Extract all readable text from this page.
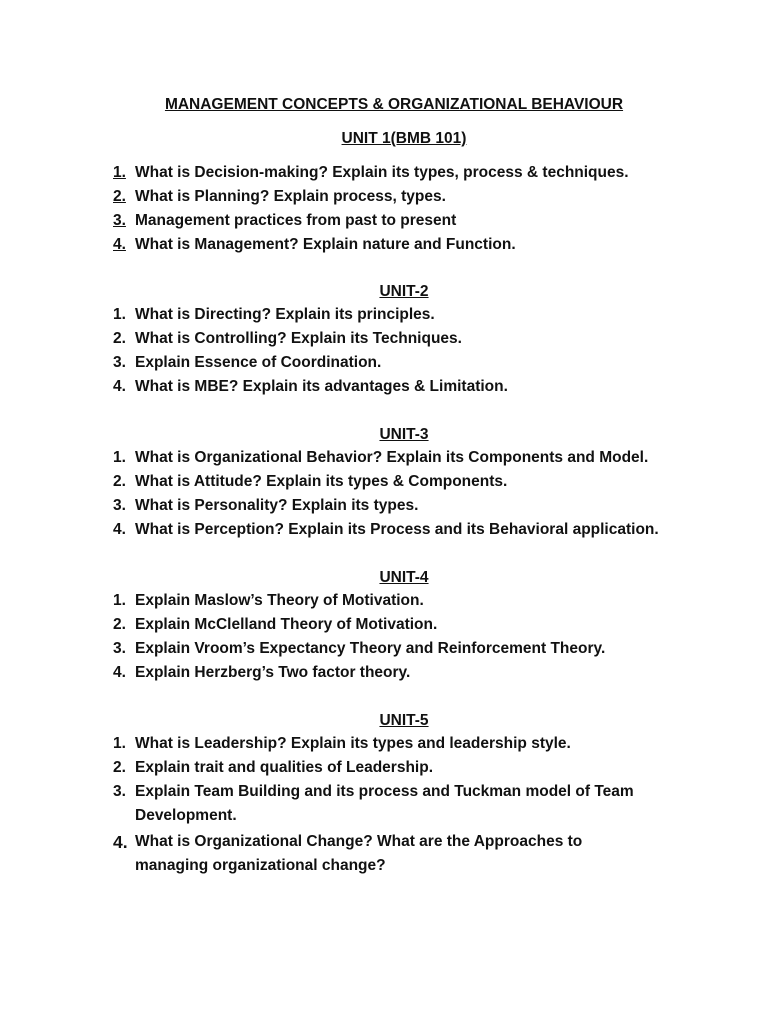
MANAGEMENT CONCEPTS & ORGANIZATIONAL BEHAVIOUR
UNIT 1(BMB 101)
1. What is Decision-making? Explain its types, process & techniques.
2. What is Planning? Explain process, types.
3. Management practices from past to present
4. What is Management? Explain nature and Function.
UNIT-2
1. What is Directing? Explain its principles.
2. What is Controlling? Explain its Techniques.
3. Explain Essence of Coordination.
4. What is MBE? Explain its advantages & Limitation.
UNIT-3
1. What is Organizational Behavior? Explain its Components and Model.
2. What is Attitude? Explain its types & Components.
3. What is Personality? Explain its types.
4. What is Perception? Explain its Process and its Behavioral application.
UNIT-4
1. Explain Maslow’s Theory of Motivation.
2. Explain McClelland Theory of Motivation.
3. Explain Vroom’s Expectancy Theory and Reinforcement Theory.
4. Explain Herzberg’s Two factor theory.
UNIT-5
1. What is Leadership? Explain its types and leadership style.
2. Explain trait and qualities of Leadership.
3. Explain Team Building and its process and Tuckman model of Team Development.
4. What is Organizational Change? What are the Approaches to managing organizational change?
